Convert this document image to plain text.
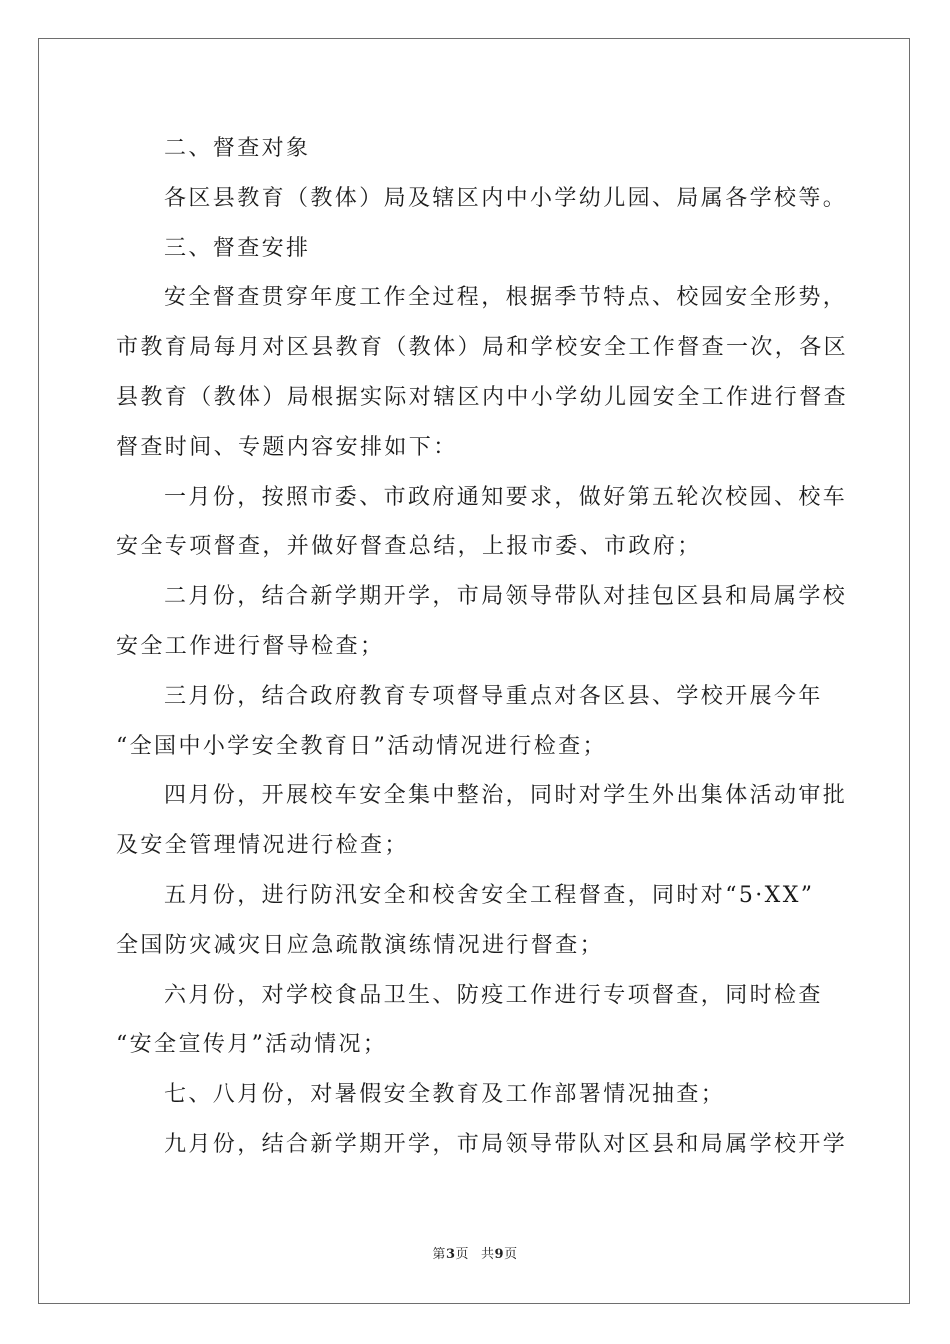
二、督查对象
各区县教育（教体）局及辖区内中小学幼儿园、局属各学校等。
三、督查安排
安全督查贯穿年度工作全过程，根据季节特点、校园安全形势，
市教育局每月对区县教育（教体）局和学校安全工作督查一次，各区
县教育（教体）局根据实际对辖区内中小学幼儿园安全工作进行督查
督查时间、专题内容安排如下：
一月份，按照市委、市政府通知要求，做好第五轮次校园、校车
安全专项督查，并做好督查总结，上报市委、市政府；
二月份，结合新学期开学，市局领导带队对挂包区县和局属学校
安全工作进行督导检查；
三月份，结合政府教育专项督导重点对各区县、学校开展今年
“全国中小学安全教育日”活动情况进行检查；
四月份，开展校车安全集中整治，同时对学生外出集体活动审批
及安全管理情况进行检查；
五月份，进行防汛安全和校舍安全工程督查，同时对“5·XX”
全国防灾减灾日应急疏散演练情况进行督查；
六月份，对学校食品卫生、防疫工作进行专项督查，同时检查
“安全宣传月”活动情况；
七、八月份，对暑假安全教育及工作部署情况抽查；
九月份，结合新学期开学，市局领导带队对区县和局属学校开学
第3页 共9页
